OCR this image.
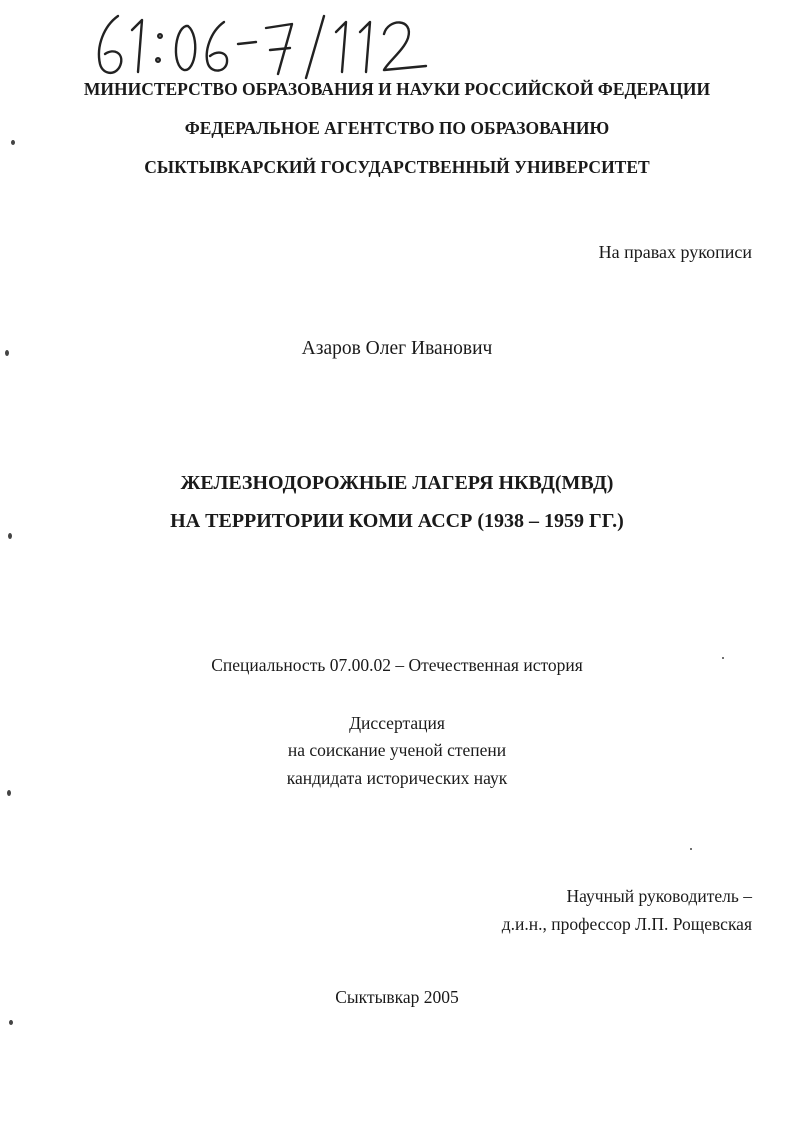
МИНИСТЕРСТВО ОБРАЗОВАНИЯ И НАУКИ РОССИЙСКОЙ ФЕДЕРАЦИИ
ФЕДЕРАЛЬНОЕ АГЕНТСТВО ПО ОБРАЗОВАНИЮ
СЫКТЫВКАРСКИЙ ГОСУДАРСТВЕННЫЙ УНИВЕРСИТЕТ
На правах рукописи
Азаров Олег Иванович
ЖЕЛЕЗНОДОРОЖНЫЕ ЛАГЕРЯ НКВД(МВД)
НА ТЕРРИТОРИИ КОМИ АССР (1938 – 1959 ГГ.)
Специальность 07.00.02 – Отечественная история
Диссертация
на соискание ученой степени
кандидата исторических наук
Научный руководитель –
д.и.н., профессор Л.П. Рощевская
Сыктывкар 2005
